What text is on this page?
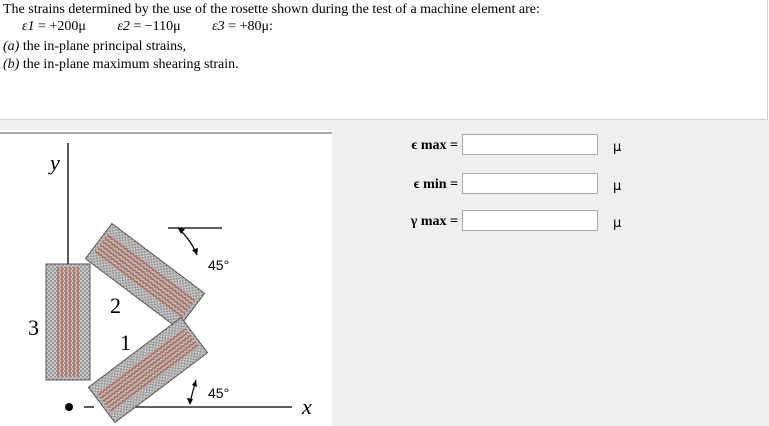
The strains determined by the use of the rosette shown during the test of a machine element are:

ε1 = +200μ ε2 = −110μ ε3 = +80μ:

(a) the in-plane principal strains,

(b) the in-plane maximum shearing strain.

y
x
3
2
1
45°
45°
ϵ max =	μ
ϵ min =	μ
γ max =	μ
